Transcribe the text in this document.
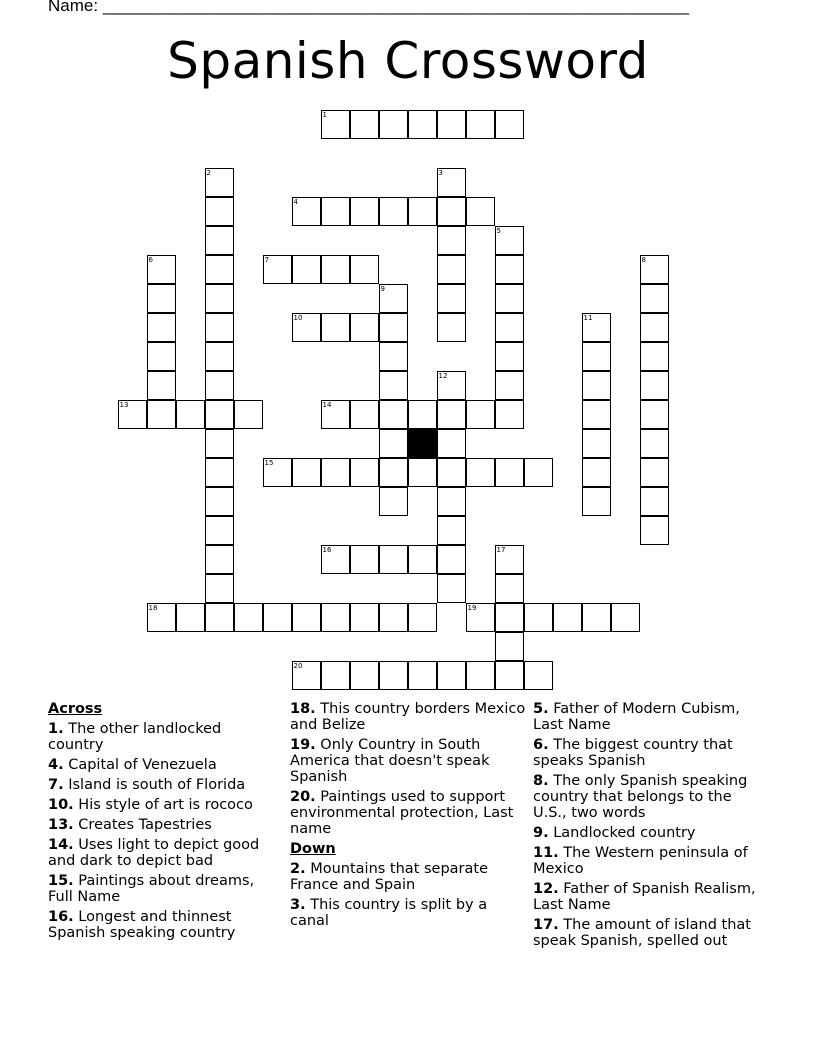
Name: ______________________________________________________________
Spanish Crossword
1
2	3
4
5
6	7	8
9
10	11
12
13	14
15
16	17
18	19
20
Across
1. The other landlocked country
4. Capital of Venezuela
7. Island is south of Florida
10. His style of art is rococo
13. Creates Tapestries
14. Uses light to depict good and dark to depict bad
15. Paintings about dreams, Full Name
16. Longest and thinnest Spanish speaking country
18. This country borders Mexico and Belize
19. Only Country in South America that doesn't speak Spanish
20. Paintings used to support environmental protection, Last name
Down
2. Mountains that separate France and Spain
3. This country is split by a canal
5. Father of Modern Cubism, Last Name
6. The biggest country that speaks Spanish
8. The only Spanish speaking country that belongs to the U.S., two words
9. Landlocked country
11. The Western peninsula of Mexico
12. Father of Spanish Realism, Last Name
17. The amount of island that speak Spanish, spelled out
